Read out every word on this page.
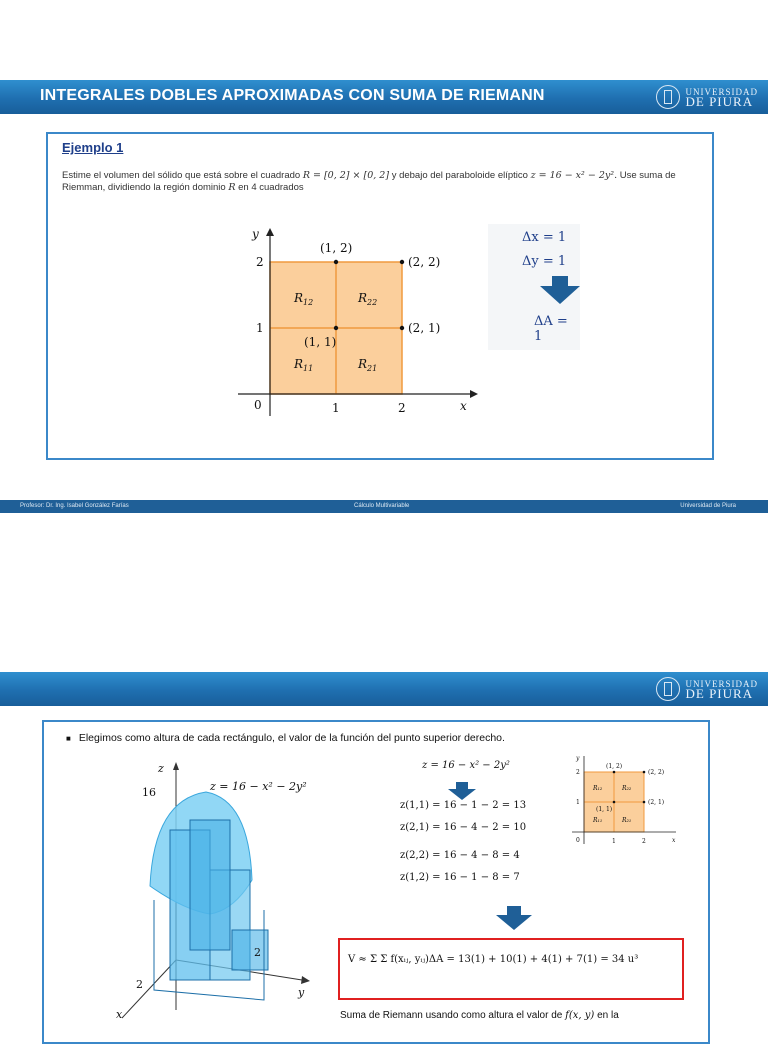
INTEGRALES DOBLES APROXIMADAS CON SUMA DE RIEMANN	UNIVERSIDAD
DE PIURA
Ejemplo 1
Estime el volumen del sólido que está sobre el cuadrado R = [0, 2] × [0, 2] y debajo del paraboloide elíptico z = 16 − x² − 2y². Use suma de Riemman, dividiendo la región dominio R en 4 cuadrados
y
x
0	1	2
1
2
(1, 2)
(2, 2)
(2, 1)
(1, 1)
$R_{12}$	$R_{22}$
$R_{11}$	$R_{21}$
Δx = 1
Δy = 1
ΔA = 1
Profesor: Dr. Ing. Isabel González Farías	Cálculo Multivariable	Universidad de Piura
UNIVERSIDAD
DE PIURA
■ Elegimos como altura de cada rectángulo, el valor de la función del punto superior derecho.
z
16	z = 16 − x² − 2y²
y
2
2
x
z = 16 − x² − 2y²
z(1,1) = 16 − 1 − 2 = 13
z(2,1) = 16 − 4 − 2 = 10
z(2,2) = 16 − 4 − 8 = 4
z(1,2) = 16 − 1 − 8 = 7
y
x
0	1	2
1
2
(1, 2)
(2, 2)
(2, 1)
(1, 1)
R₁₂	R₂₂
R₁₁	R₂₁
V ≈ Σ Σ f(xᵢⱼ, yᵢⱼ)ΔA = 13(1) + 10(1) + 4(1) + 7(1) = 34 u³
Suma de Riemann usando como altura el valor de f(x, y) en la
